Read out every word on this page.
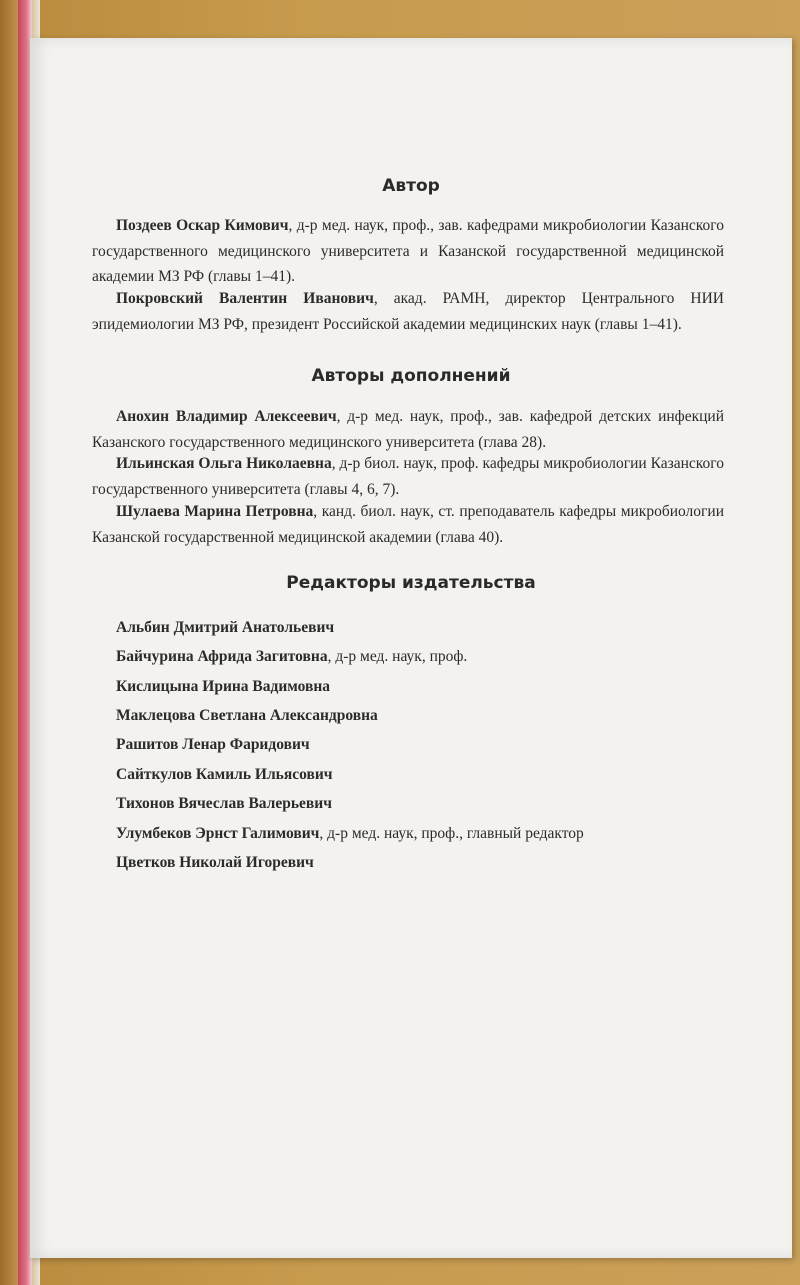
Автор

Поздеев Оскар Кимович, д-р мед. наук, проф., зав. кафедрами микробиологии Казанского государственного медицинского университета и Казанской государственной медицинской академии МЗ РФ (главы 1–41).

Покровский Валентин Иванович, акад. РАМН, директор Центрального НИИ эпидемиологии МЗ РФ, президент Российской академии медицинских наук (главы 1–41).

Авторы дополнений

Анохин Владимир Алексеевич, д-р мед. наук, проф., зав. кафедрой детских инфекций Казанского государственного медицинского университета (глава 28).

Ильинская Ольга Николаевна, д-р биол. наук, проф. кафедры микробиологии Казанского государственного университета (главы 4, 6, 7).

Шулаева Марина Петровна, канд. биол. наук, ст. преподаватель кафедры микробиологии Казанской государственной медицинской академии (глава 40).

Редакторы издательства
Альбин Дмитрий Анатольевич
Байчурина Африда Загитовна, д-р мед. наук, проф.
Кислицына Ирина Вадимовна
Маклецова Светлана Александровна
Рашитов Ленар Фаридович
Сайткулов Камиль Ильясович
Тихонов Вячеслав Валерьевич
Улумбеков Эрнст Галимович, д-р мед. наук, проф., главный редактор
Цветков Николай Игоревич
